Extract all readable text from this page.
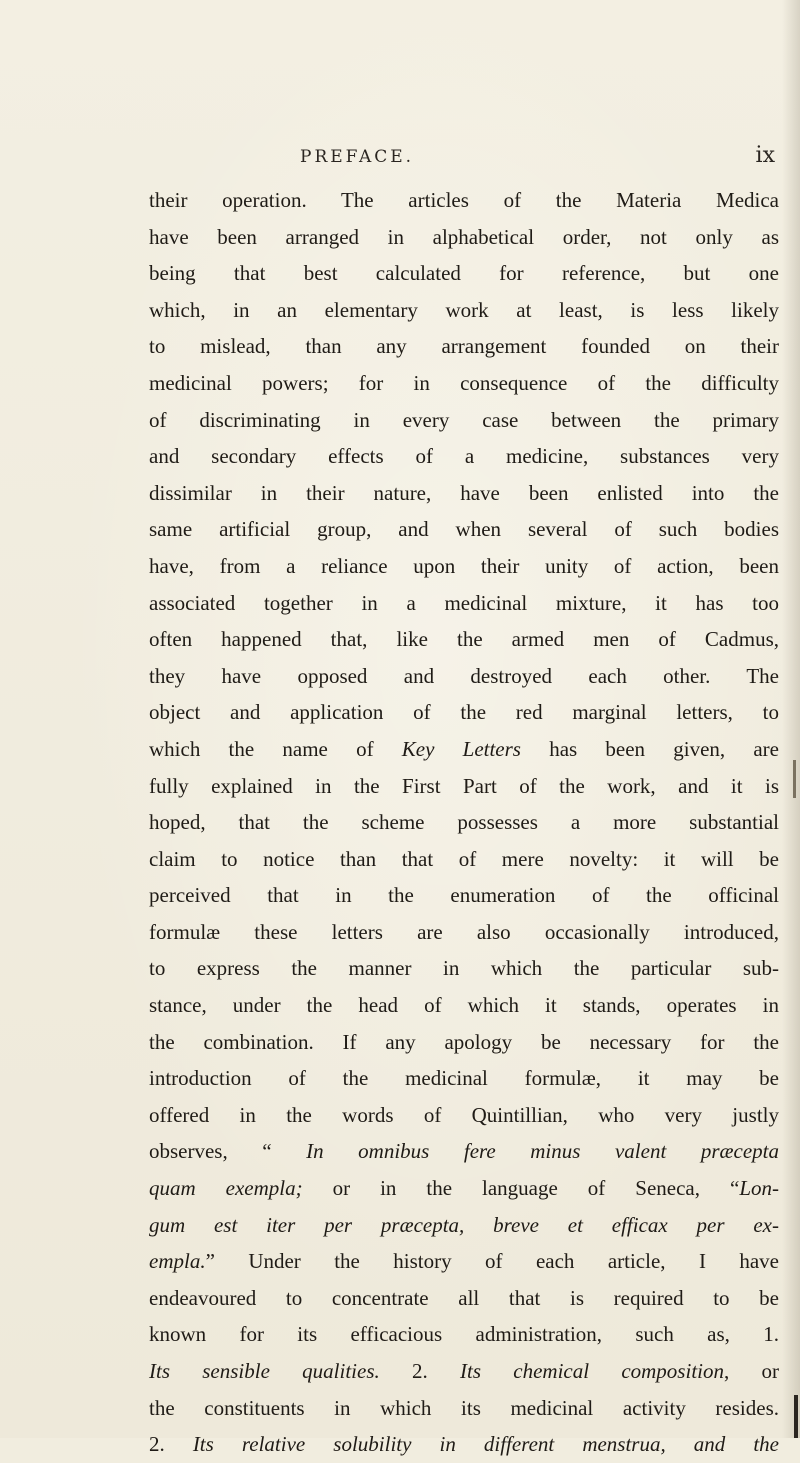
PREFACE.	ix
their operation. The articles of the Materia Medica
have been arranged in alphabetical order, not only as
being that best calculated for reference, but one
which, in an elementary work at least, is less likely
to mislead, than any arrangement founded on their
medicinal powers; for in consequence of the difficulty
of discriminating in every case between the primary
and secondary effects of a medicine, substances very
dissimilar in their nature, have been enlisted into the
same artificial group, and when several of such bodies
have, from a reliance upon their unity of action, been
associated together in a medicinal mixture, it has too
often happened that, like the armed men of Cadmus,
they have opposed and destroyed each other. The
object and application of the red marginal letters, to
which the name of Key Letters has been given, are
fully explained in the First Part of the work, and it is
hoped, that the scheme possesses a more substantial
claim to notice than that of mere novelty: it will be
perceived that in the enumeration of the officinal
formulæ these letters are also occasionally introduced,
to express the manner in which the particular sub-
stance, under the head of which it stands, operates in
the combination. If any apology be necessary for the
introduction of the medicinal formulæ, it may be
offered in the words of Quintillian, who very justly
observes, “ In omnibus fere minus valent præcepta
quam exempla; or in the language of Seneca, “Lon-
gum est iter per præcepta, breve et efficax per ex-
empla.” Under the history of each article, I have
endeavoured to concentrate all that is required to be
known for its efficacious administration, such as, 1.
Its sensible qualities. 2. Its chemical composition, or
the constituents in which its medicinal activity resides.
2. Its relative solubility in different menstrua, and the
